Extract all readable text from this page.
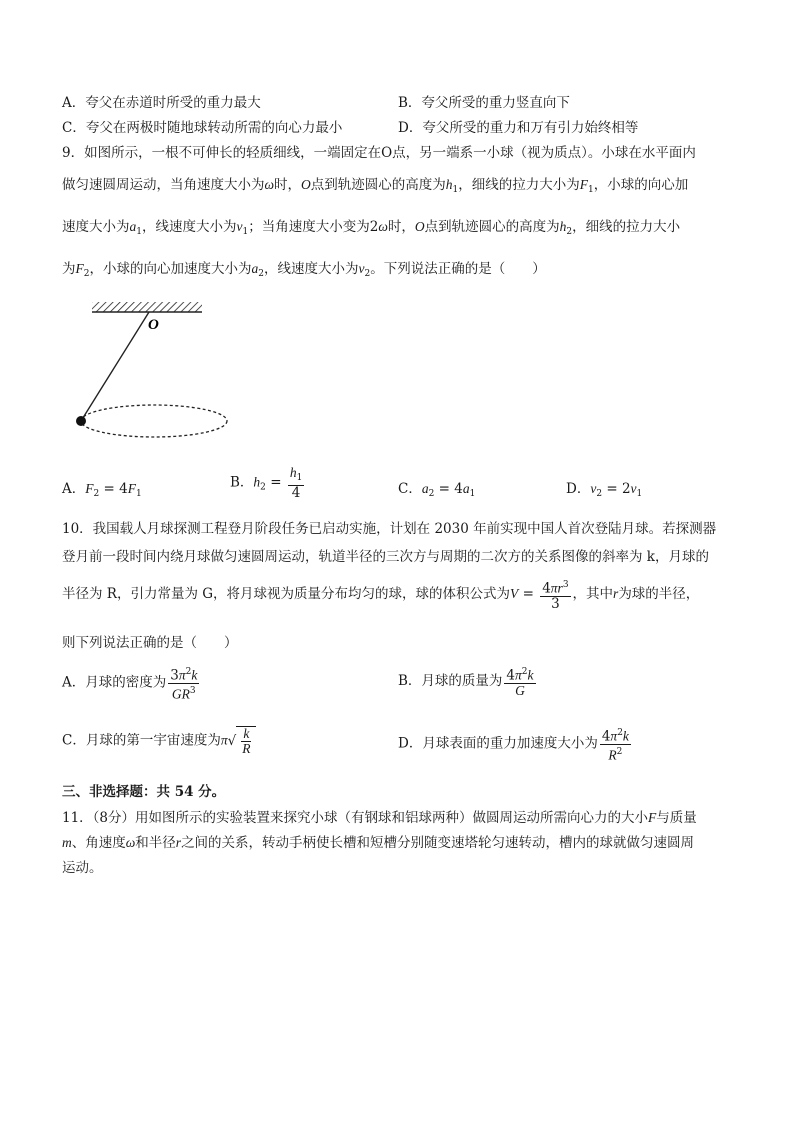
A．夸父在赤道时所受的重力最大	B．夸父所受的重力竖直向下
C．夸父在两极时随地球转动所需的向心力最小	D．夸父所受的重力和万有引力始终相等
9．如图所示，一根不可伸长的轻质细线，一端固定在O点，另一端系一小球（视为质点）。小球在水平面内
做匀速圆周运动，当角速度大小为ω时，O点到轨迹圆心的高度为$h_1$，细线的拉力大小为$F_1$，小球的向心加
速度大小为$a_1$，线速度大小为$v_1$；当角速度大小变为2ω时，O点到轨迹圆心的高度为$h_2$，细线的拉力大小
为$F_2$，小球的向心加速度大小为$a_2$，线速度大小为$v_2$。下列说法正确的是（　　）
O
A．$F_2 = 4F_1$
B．$h_2 = \frac{h_1}{4}$	C．$a_2 = 4a_1$	D．$v_2 = 2v_1$
10．我国载人月球探测工程登月阶段任务已启动实施，计划在 2030 年前实现中国人首次登陆月球。若探测器
登月前一段时间内绕月球做匀速圆周运动，轨道半径的三次方与周期的二次方的关系图像的斜率为 k，月球的
半径为 R，引力常量为 G，将月球视为质量分布均匀的球，球的体积公式为$V = \frac{4\pi r^3}{3}$ ，其中r为球的半径，
则下列说法正确的是（　　）
A．月球的密度为 $\frac{3\pi^2k}{GR^3}$	B．月球的质量为 $\frac{4\pi^2k}{G}$
C．月球的第一宇宙速度为$\pi√ \frac{k}{R}$	D．月球表面的重力加速度大小为 $\frac{4\pi^2k}{R^2}$
三、非选择题：共 54 分。
11．（8分）用如图所示的实验装置来探究小球（有钢球和铝球两种）做圆周运动所需向心力的大小F与质量
m、角速度ω和半径r之间的关系，转动手柄使长槽和短槽分别随变速塔轮匀速转动，槽内的球就做匀速圆周
运动。
